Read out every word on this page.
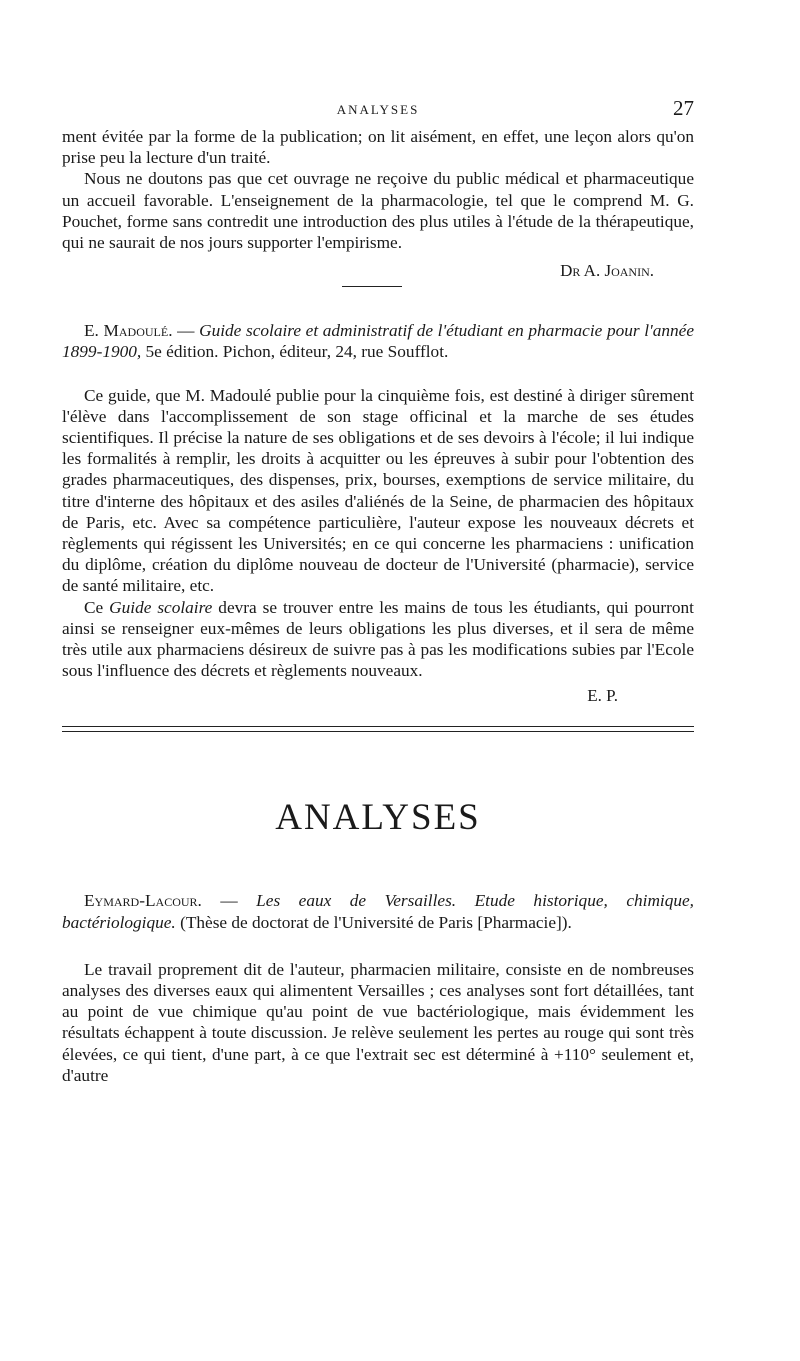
ANALYSES	27

ment évitée par la forme de la publication; on lit aisément, en effet, une leçon alors qu'on prise peu la lecture d'un traité.

Nous ne doutons pas que cet ouvrage ne reçoive du public médical et pharmaceutique un accueil favorable. L'enseignement de la pharmacologie, tel que le comprend M. G. Pouchet, forme sans contredit une introduction des plus utiles à l'étude de la thérapeutique, qui ne saurait de nos jours supporter l'empirisme.

Dr A. Joanin.

E. Madoulé. — Guide scolaire et administratif de l'étudiant en pharmacie pour l'année 1899-1900, 5e édition. Pichon, éditeur, 24, rue Soufflot.

Ce guide, que M. Madoulé publie pour la cinquième fois, est destiné à diriger sûrement l'élève dans l'accomplissement de son stage officinal et la marche de ses études scientifiques. Il précise la nature de ses obligations et de ses devoirs à l'école; il lui indique les formalités à remplir, les droits à acquitter ou les épreuves à subir pour l'obtention des grades pharmaceutiques, des dispenses, prix, bourses, exemptions de service militaire, du titre d'interne des hôpitaux et des asiles d'aliénés de la Seine, de pharmacien des hôpitaux de Paris, etc. Avec sa compétence particulière, l'auteur expose les nouveaux décrets et règlements qui régissent les Universités; en ce qui concerne les pharmaciens : unification du diplôme, création du diplôme nouveau de docteur de l'Université (pharmacie), service de santé militaire, etc.

Ce Guide scolaire devra se trouver entre les mains de tous les étudiants, qui pourront ainsi se renseigner eux-mêmes de leurs obligations les plus diverses, et il sera de même très utile aux pharmaciens désireux de suivre pas à pas les modifications subies par l'Ecole sous l'influence des décrets et règlements nouveaux.

E. P.

ANALYSES

Eymard-Lacour. — Les eaux de Versailles. Etude historique, chimique, bactériologique. (Thèse de doctorat de l'Université de Paris [Pharmacie]).

Le travail proprement dit de l'auteur, pharmacien militaire, consiste en de nombreuses analyses des diverses eaux qui alimentent Versailles ; ces analyses sont fort détaillées, tant au point de vue chimique qu'au point de vue bactériologique, mais évidemment les résultats échappent à toute discussion. Je relève seulement les pertes au rouge qui sont très élevées, ce qui tient, d'une part, à ce que l'extrait sec est déterminé à +110° seulement et, d'autre
